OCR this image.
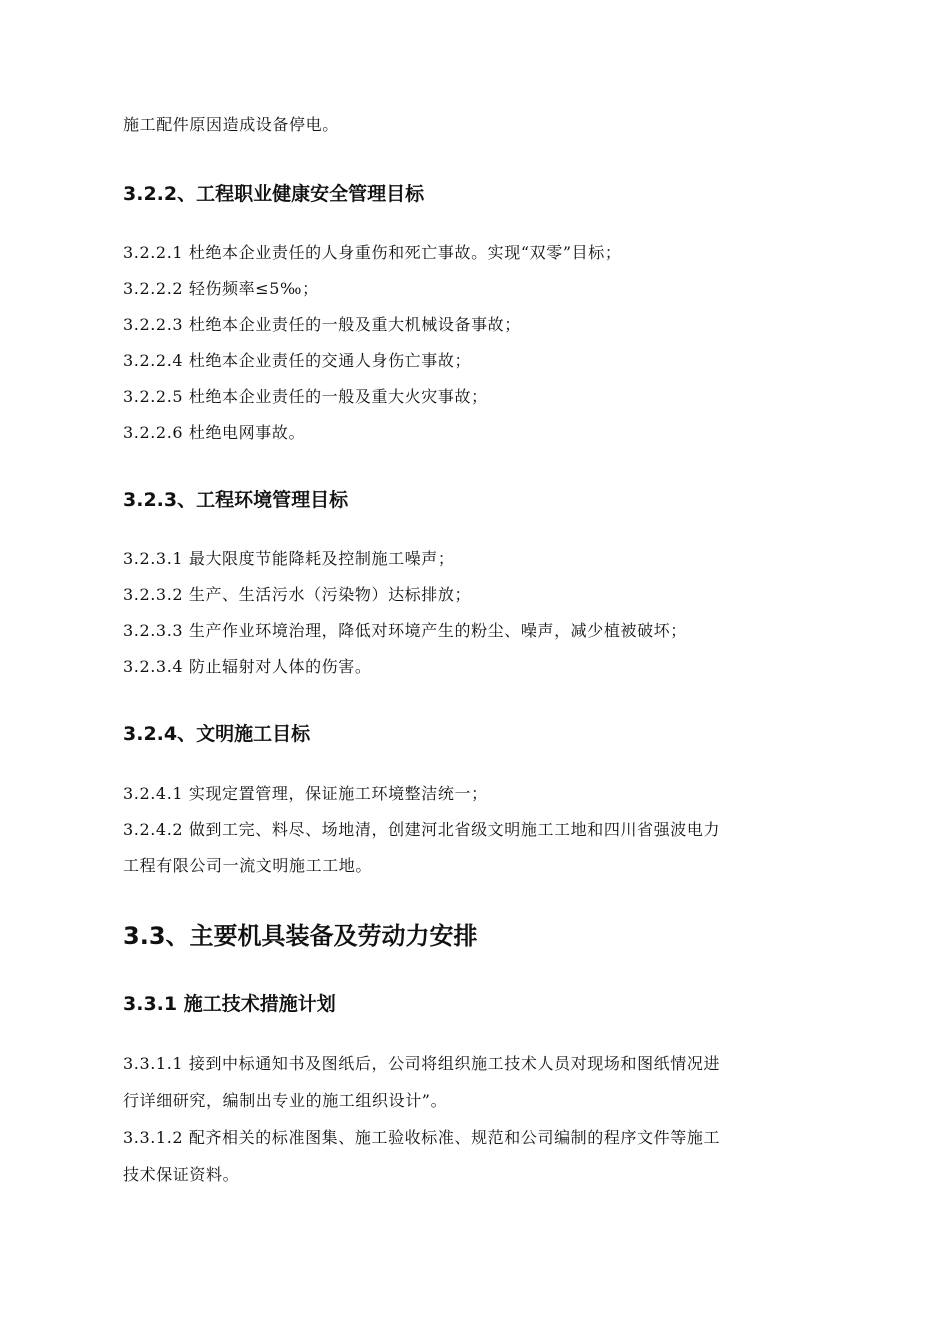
施工配件原因造成设备停电。
3.2.2、工程职业健康安全管理目标
3.2.2.1 杜绝本企业责任的人身重伤和死亡事故。实现“双零”目标；
3.2.2.2 轻伤频率≤5‰；
3.2.2.3 杜绝本企业责任的一般及重大机械设备事故；
3.2.2.4 杜绝本企业责任的交通人身伤亡事故；
3.2.2.5 杜绝本企业责任的一般及重大火灾事故；
3.2.2.6 杜绝电网事故。
3.2.3、工程环境管理目标
3.2.3.1 最大限度节能降耗及控制施工噪声；
3.2.3.2 生产、生活污水（污染物）达标排放；
3.2.3.3 生产作业环境治理，降低对环境产生的粉尘、噪声，减少植被破坏；
3.2.3.4 防止辐射对人体的伤害。
3.2.4、文明施工目标
3.2.4.1 实现定置管理，保证施工环境整洁统一；
3.2.4.2 做到工完、料尽、场地清，创建河北省级文明施工工地和四川省强波电力
工程有限公司一流文明施工工地。
3.3、主要机具装备及劳动力安排
3.3.1 施工技术措施计划
3.3.1.1 接到中标通知书及图纸后，公司将组织施工技术人员对现场和图纸情况进
行详细研究，编制出专业的施工组织设计”。
3.3.1.2 配齐相关的标准图集、施工验收标准、规范和公司编制的程序文件等施工
技术保证资料。
